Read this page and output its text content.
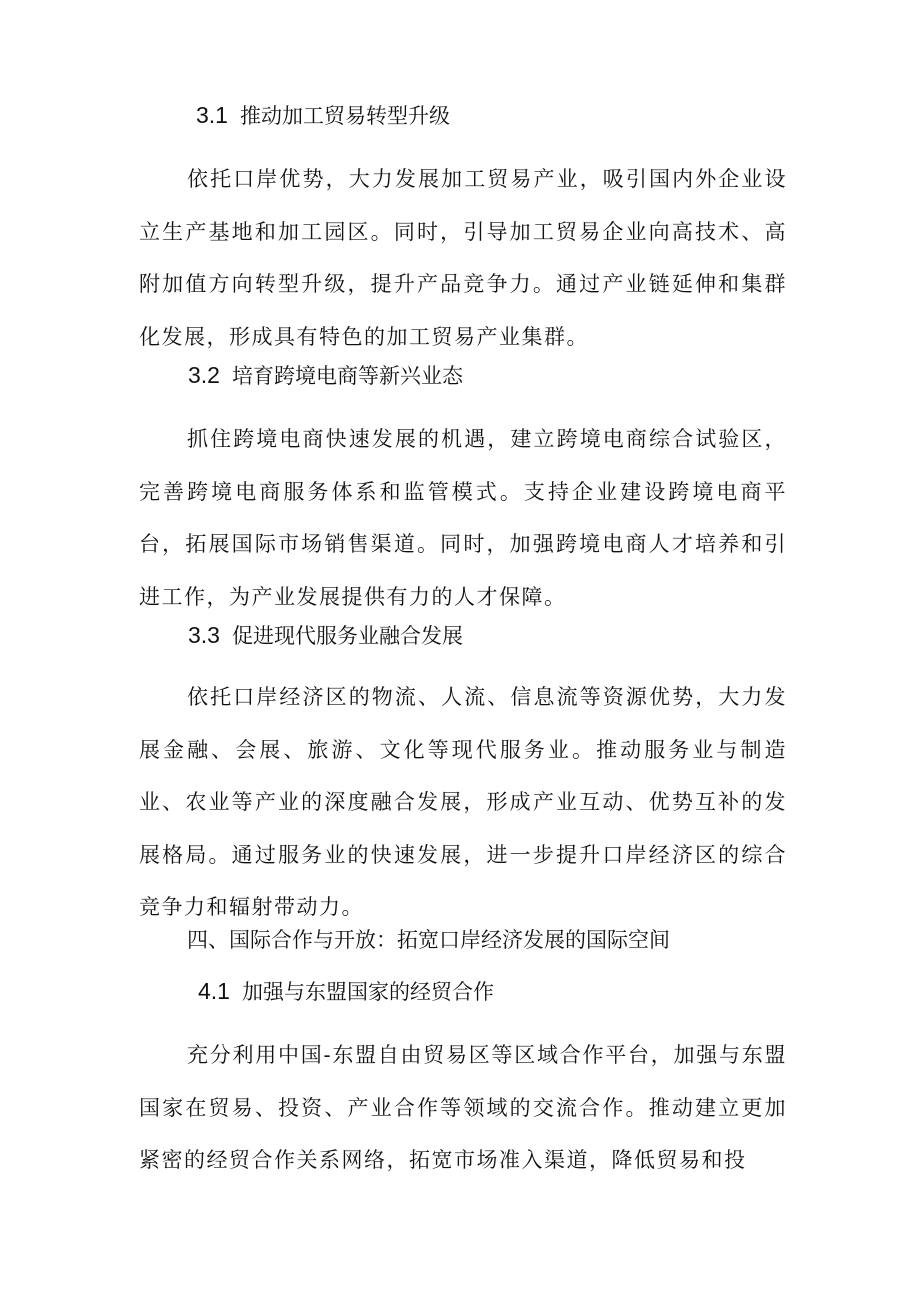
3.1 推动加工贸易转型升级

依托口岸优势，大力发展加工贸易产业，吸引国内外企业设立生产基地和加工园区。同时，引导加工贸易企业向高技术、高附加值方向转型升级，提升产品竞争力。通过产业链延伸和集群化发展，形成具有特色的加工贸易产业集群。

3.2 培育跨境电商等新兴业态

抓住跨境电商快速发展的机遇，建立跨境电商综合试验区，完善跨境电商服务体系和监管模式。支持企业建设跨境电商平台，拓展国际市场销售渠道。同时，加强跨境电商人才培养和引进工作，为产业发展提供有力的人才保障。

3.3 促进现代服务业融合发展

依托口岸经济区的物流、人流、信息流等资源优势，大力发展金融、会展、旅游、文化等现代服务业。推动服务业与制造业、农业等产业的深度融合发展，形成产业互动、优势互补的发展格局。通过服务业的快速发展，进一步提升口岸经济区的综合竞争力和辐射带动力。

四、国际合作与开放：拓宽口岸经济发展的国际空间
4.1 加强与东盟国家的经贸合作

充分利用中国-东盟自由贸易区等区域合作平台，加强与东盟国家在贸易、投资、产业合作等领域的交流合作。推动建立更加紧密的经贸合作关系网络，拓宽市场准入渠道，降低贸易和投
